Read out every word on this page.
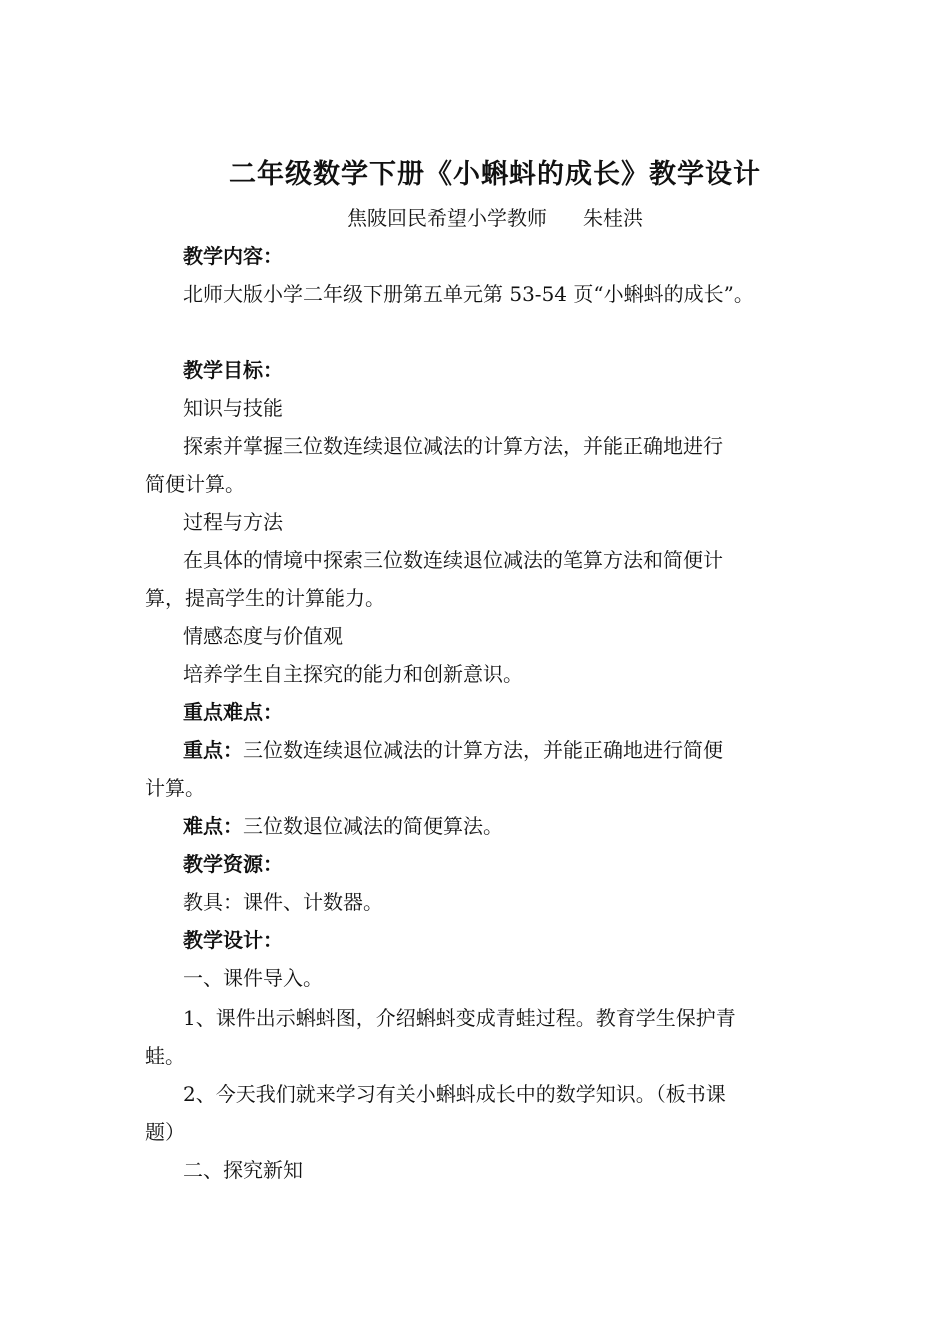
二年级数学下册《小蝌蚪的成长》教学设计
焦陂回民希望小学教师 朱桂洪
教学内容：
北师大版小学二年级下册第五单元第 53-54 页“小蝌蚪的成长”。
教学目标：
知识与技能
探索并掌握三位数连续退位减法的计算方法，并能正确地进行
简便计算。
过程与方法
在具体的情境中探索三位数连续退位减法的笔算方法和简便计
算，提高学生的计算能力。
情感态度与价值观
培养学生自主探究的能力和创新意识。
重点难点：
重点：三位数连续退位减法的计算方法，并能正确地进行简便
计算。
难点：三位数退位减法的简便算法。
教学资源：
教具：课件、计数器。
教学设计：
一、课件导入。
1、课件出示蝌蚪图，介绍蝌蚪变成青蛙过程。教育学生保护青
蛙。
2、今天我们就来学习有关小蝌蚪成长中的数学知识。（板书课
题）
二、探究新知
